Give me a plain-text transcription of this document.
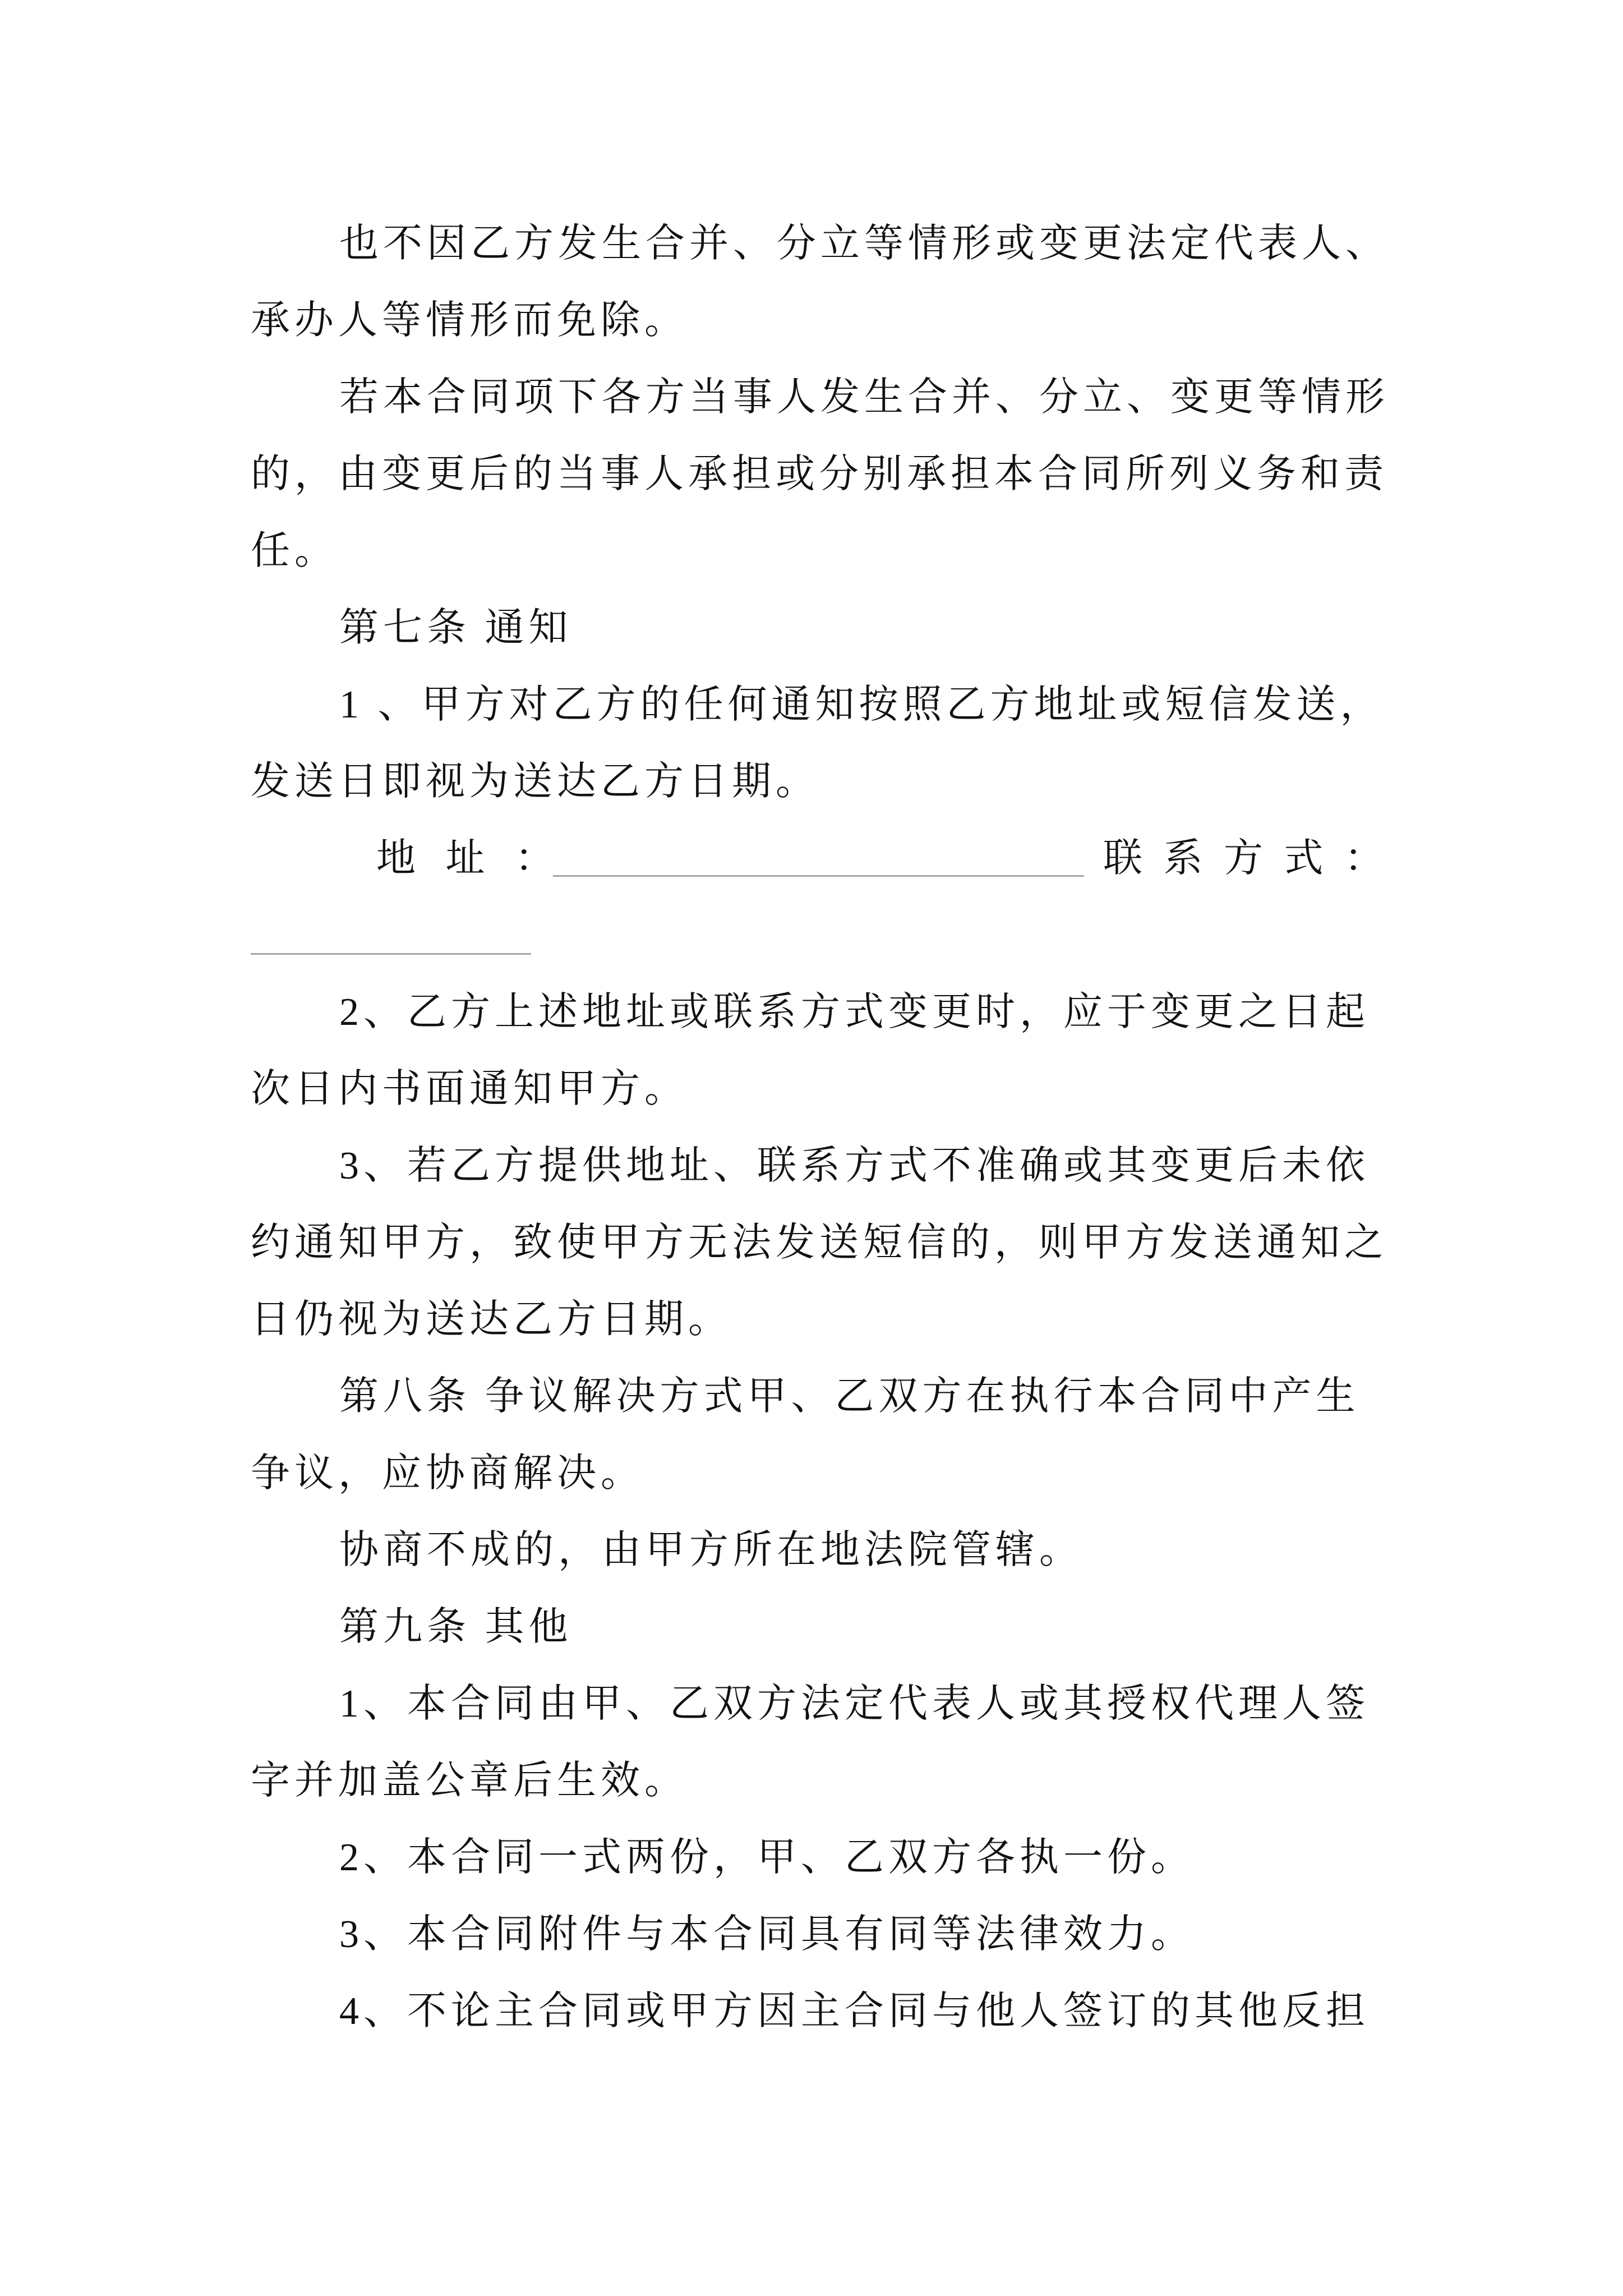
也不因乙方发生合并、分立等情形或变更法定代表人、
承办人等情形而免除。
若本合同项下各方当事人发生合并、分立、变更等情形
的，由变更后的当事人承担或分别承担本合同所列义务和责
任。
第七条 通知
1 、甲方对乙方的任何通知按照乙方地址或短信发送，
发送日即视为送达乙方日期。
地 址 ：	联 系 方 式 ：
2、乙方上述地址或联系方式变更时，应于变更之日起
次日内书面通知甲方。
3、若乙方提供地址、联系方式不准确或其变更后未依
约通知甲方，致使甲方无法发送短信的，则甲方发送通知之
日仍视为送达乙方日期。
第八条 争议解决方式甲、乙双方在执行本合同中产生
争议，应协商解决。
协商不成的，由甲方所在地法院管辖。
第九条 其他
1、本合同由甲、乙双方法定代表人或其授权代理人签
字并加盖公章后生效。
2、本合同一式两份，甲、乙双方各执一份。
3、本合同附件与本合同具有同等法律效力。
4、不论主合同或甲方因主合同与他人签订的其他反担
